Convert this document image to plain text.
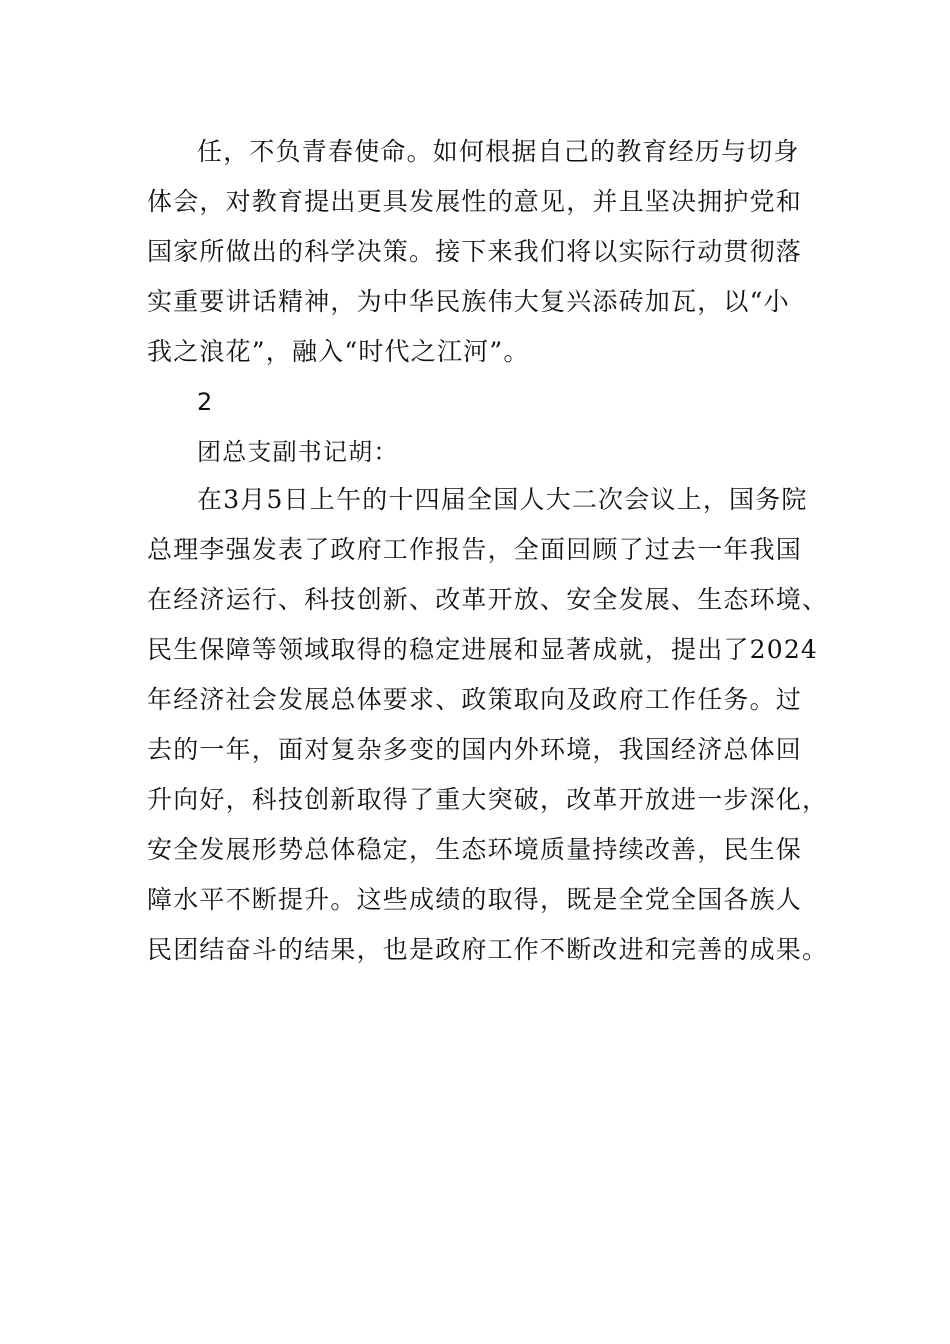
任，不负青春使命。如何根据自己的教育经历与切身
体会，对教育提出更具发展性的意见，并且坚决拥护党和
国家所做出的科学决策。接下来我们将以实际行动贯彻落
实重要讲话精神，为中华民族伟大复兴添砖加瓦，以“小
我之浪花”，融入“时代之江河”。
2
团总支副书记胡：
在3月5日上午的十四届全国人大二次会议上，国务院
总理李强发表了政府工作报告，全面回顾了过去一年我国
在经济运行、科技创新、改革开放、安全发展、生态环境、
民生保障等领域取得的稳定进展和显著成就，提出了2024
年经济社会发展总体要求、政策取向及政府工作任务。过
去的一年，面对复杂多变的国内外环境，我国经济总体回
升向好，科技创新取得了重大突破，改革开放进一步深化，
安全发展形势总体稳定，生态环境质量持续改善，民生保
障水平不断提升。这些成绩的取得，既是全党全国各族人
民团结奋斗的结果，也是政府工作不断改进和完善的成果。
